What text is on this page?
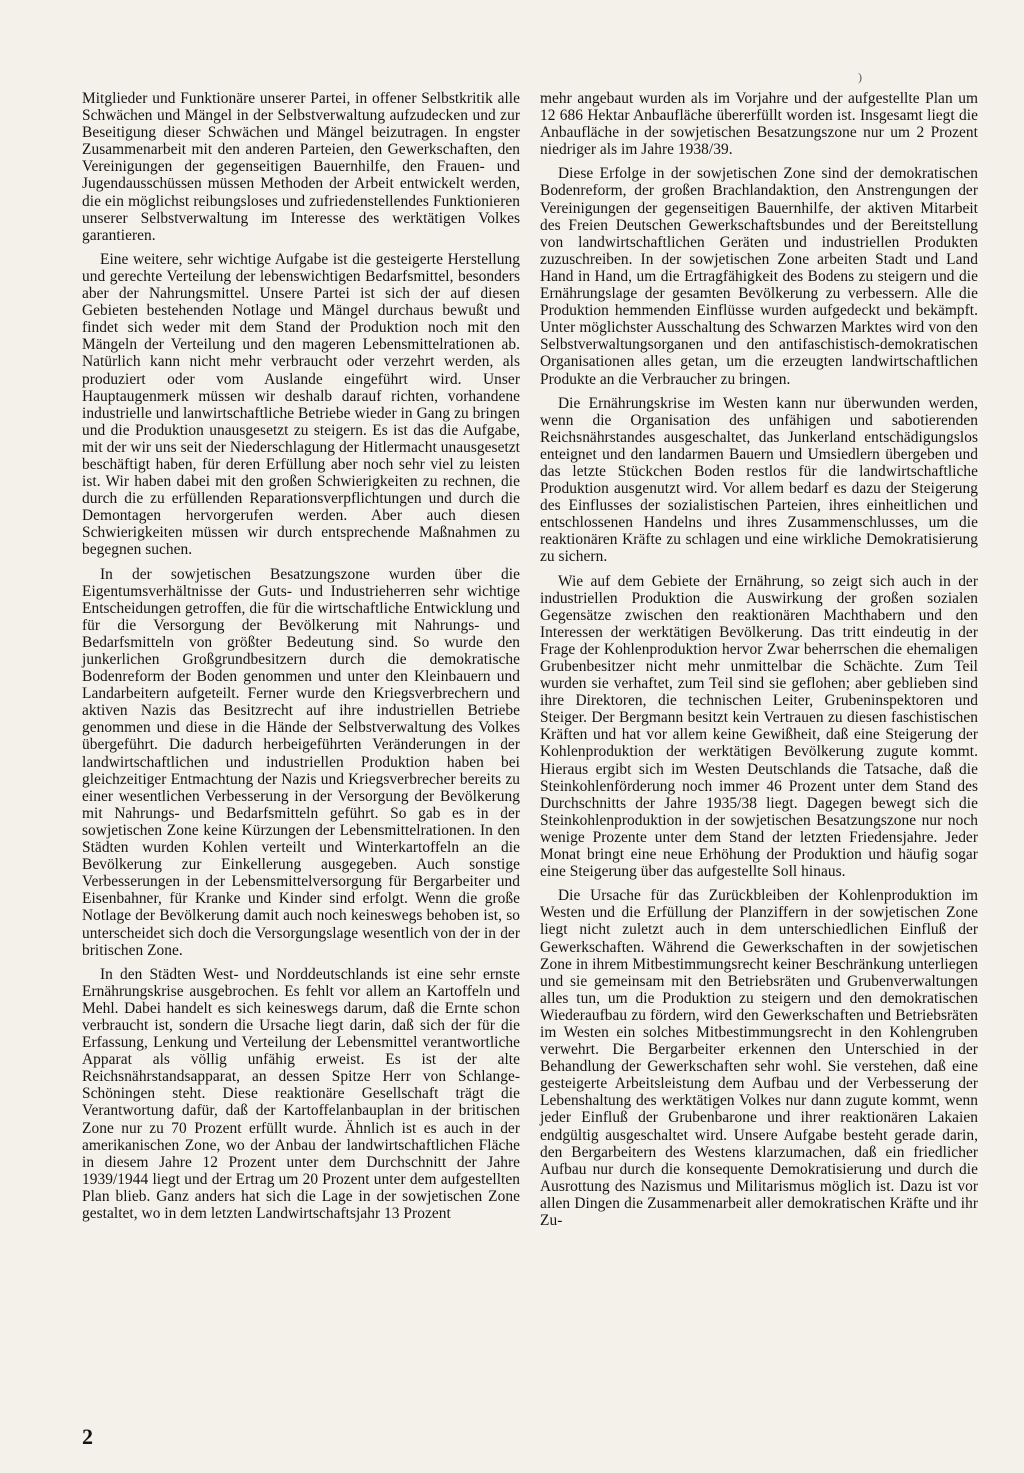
)

Mitglieder und Funktionäre unserer Partei, in offener Selbstkritik alle Schwächen und Mängel in der Selbstverwaltung aufzudecken und zur Beseitigung dieser Schwächen und Mängel beizutragen. In engster Zusammenarbeit mit den anderen Parteien, den Gewerkschaften, den Vereinigungen der gegenseitigen Bauernhilfe, den Frauen- und Jugendausschüssen müssen Methoden der Arbeit entwickelt werden, die ein möglichst reibungsloses und zufriedenstellendes Funktionieren unserer Selbstverwaltung im Interesse des werktätigen Volkes garantieren.

Eine weitere, sehr wichtige Aufgabe ist die gesteigerte Herstellung und gerechte Verteilung der lebenswichtigen Bedarfsmittel, besonders aber der Nahrungsmittel. Unsere Partei ist sich der auf diesen Gebieten bestehenden Notlage und Mängel durchaus bewußt und findet sich weder mit dem Stand der Produktion noch mit den Mängeln der Verteilung und den mageren Lebensmittelrationen ab. Natürlich kann nicht mehr verbraucht oder verzehrt werden, als produziert oder vom Auslande eingeführt wird. Unser Hauptaugenmerk müssen wir deshalb darauf richten, vorhandene industrielle und lanwirtschaftliche Betriebe wieder in Gang zu bringen und die Produktion unausgesetzt zu steigern. Es ist das die Aufgabe, mit der wir uns seit der Niederschlagung der Hitlermacht unausgesetzt beschäftigt haben, für deren Erfüllung aber noch sehr viel zu leisten ist. Wir haben dabei mit den großen Schwierigkeiten zu rechnen, die durch die zu erfüllenden Reparationsverpflichtungen und durch die Demontagen hervorgerufen werden. Aber auch diesen Schwierigkeiten müssen wir durch entsprechende Maßnahmen zu begegnen suchen.

In der sowjetischen Besatzungszone wurden über die Eigentumsverhältnisse der Guts- und Industrieherren sehr wichtige Entscheidungen getroffen, die für die wirtschaftliche Entwicklung und für die Versorgung der Bevölkerung mit Nahrungs- und Bedarfsmitteln von größter Bedeutung sind. So wurde den junkerlichen Großgrundbesitzern durch die demokratische Bodenreform der Boden genommen und unter den Kleinbauern und Landarbeitern aufgeteilt. Ferner wurde den Kriegsverbrechern und aktiven Nazis das Besitzrecht auf ihre industriellen Betriebe genommen und diese in die Hände der Selbstverwaltung des Volkes übergeführt. Die dadurch herbeigeführten Veränderungen in der landwirtschaftlichen und industriellen Produktion haben bei gleichzeitiger Entmachtung der Nazis und Kriegsverbrecher bereits zu einer wesentlichen Verbesserung in der Versorgung der Bevölkerung mit Nahrungs- und Bedarfsmitteln geführt. So gab es in der sowjetischen Zone keine Kürzungen der Lebensmittelrationen. In den Städten wurden Kohlen verteilt und Winterkartoffeln an die Bevölkerung zur Einkellerung ausgegeben. Auch sonstige Verbesserungen in der Lebensmittelversorgung für Bergarbeiter und Eisenbahner, für Kranke und Kinder sind erfolgt. Wenn die große Notlage der Bevölkerung damit auch noch keineswegs behoben ist, so unterscheidet sich doch die Versorgungslage wesentlich von der in der britischen Zone.

In den Städten West- und Norddeutschlands ist eine sehr ernste Ernährungskrise ausgebrochen. Es fehlt vor allem an Kartoffeln und Mehl. Dabei handelt es sich keineswegs darum, daß die Ernte schon verbraucht ist, sondern die Ursache liegt darin, daß sich der für die Erfassung, Lenkung und Verteilung der Lebensmittel verantwortliche Apparat als völlig unfähig erweist. Es ist der alte Reichsnährstandsapparat, an dessen Spitze Herr von Schlange-Schöningen steht. Diese reaktionäre Gesellschaft trägt die Verantwortung dafür, daß der Kartoffelanbauplan in der britischen Zone nur zu 70 Prozent erfüllt wurde. Ähnlich ist es auch in der amerikanischen Zone, wo der Anbau der landwirtschaftlichen Fläche in diesem Jahre 12 Prozent unter dem Durchschnitt der Jahre 1939/1944 liegt und der Ertrag um 20 Prozent unter dem aufgestellten Plan blieb. Ganz anders hat sich die Lage in der sowjetischen Zone gestaltet, wo in dem letzten Landwirtschaftsjahr 13 Prozent

mehr angebaut wurden als im Vorjahre und der aufgestellte Plan um 12 686 Hektar Anbaufläche übererfüllt worden ist. Insgesamt liegt die Anbaufläche in der sowjetischen Besatzungszone nur um 2 Prozent niedriger als im Jahre 1938/39.

Diese Erfolge in der sowjetischen Zone sind der demokratischen Bodenreform, der großen Brachlandaktion, den Anstrengungen der Vereinigungen der gegenseitigen Bauernhilfe, der aktiven Mitarbeit des Freien Deutschen Gewerkschaftsbundes und der Bereitstellung von landwirtschaftlichen Geräten und industriellen Produkten zuzuschreiben. In der sowjetischen Zone arbeiten Stadt und Land Hand in Hand, um die Ertragfähigkeit des Bodens zu steigern und die Ernährungslage der gesamten Bevölkerung zu verbessern. Alle die Produktion hemmenden Einflüsse wurden aufgedeckt und bekämpft. Unter möglichster Ausschaltung des Schwarzen Marktes wird von den Selbstverwaltungsorganen und den antifaschistisch-demokratischen Organisationen alles getan, um die erzeugten landwirtschaftlichen Produkte an die Verbraucher zu bringen.

Die Ernährungskrise im Westen kann nur überwunden werden, wenn die Organisation des unfähigen und sabotierenden Reichsnährstandes ausgeschaltet, das Junkerland entschädigungslos enteignet und den landarmen Bauern und Umsiedlern übergeben und das letzte Stückchen Boden restlos für die landwirtschaftliche Produktion ausgenutzt wird. Vor allem bedarf es dazu der Steigerung des Einflusses der sozialistischen Parteien, ihres einheitlichen und entschlossenen Handelns und ihres Zusammenschlusses, um die reaktionären Kräfte zu schlagen und eine wirkliche Demokratisierung zu sichern.

Wie auf dem Gebiete der Ernährung, so zeigt sich auch in der industriellen Produktion die Auswirkung der großen sozialen Gegensätze zwischen den reaktionären Machthabern und den Interessen der werktätigen Bevölkerung. Das tritt eindeutig in der Frage der Kohlenproduktion hervor Zwar beherrschen die ehemaligen Grubenbesitzer nicht mehr unmittelbar die Schächte. Zum Teil wurden sie verhaftet, zum Teil sind sie geflohen; aber geblieben sind ihre Direktoren, die technischen Leiter, Grubeninspektoren und Steiger. Der Bergmann besitzt kein Vertrauen zu diesen faschistischen Kräften und hat vor allem keine Gewißheit, daß eine Steigerung der Kohlenproduktion der werktätigen Bevölkerung zugute kommt. Hieraus ergibt sich im Westen Deutschlands die Tatsache, daß die Steinkohlenförderung noch immer 46 Prozent unter dem Stand des Durchschnitts der Jahre 1935/38 liegt. Dagegen bewegt sich die Steinkohlenproduktion in der sowjetischen Besatzungszone nur noch wenige Prozente unter dem Stand der letzten Friedensjahre. Jeder Monat bringt eine neue Erhöhung der Produktion und häufig sogar eine Steigerung über das aufgestellte Soll hinaus.

Die Ursache für das Zurückbleiben der Kohlenproduktion im Westen und die Erfüllung der Planziffern in der sowjetischen Zone liegt nicht zuletzt auch in dem unterschiedlichen Einfluß der Gewerkschaften. Während die Gewerkschaften in der sowjetischen Zone in ihrem Mitbestimmungsrecht keiner Beschränkung unterliegen und sie gemeinsam mit den Betriebsräten und Grubenverwaltungen alles tun, um die Produktion zu steigern und den demokratischen Wiederaufbau zu fördern, wird den Gewerkschaften und Betriebsräten im Westen ein solches Mitbestimmungsrecht in den Kohlengruben verwehrt. Die Bergarbeiter erkennen den Unterschied in der Behandlung der Gewerkschaften sehr wohl. Sie verstehen, daß eine gesteigerte Arbeitsleistung dem Aufbau und der Verbesserung der Lebenshaltung des werktätigen Volkes nur dann zugute kommt, wenn jeder Einfluß der Grubenbarone und ihrer reaktionären Lakaien endgültig ausgeschaltet wird. Unsere Aufgabe besteht gerade darin, den Bergarbeitern des Westens klarzumachen, daß ein friedlicher Aufbau nur durch die konsequente Demokratisierung und durch die Ausrottung des Nazismus und Militarismus möglich ist. Dazu ist vor allen Dingen die Zusammenarbeit aller demokratischen Kräfte und ihr Zu-

2
